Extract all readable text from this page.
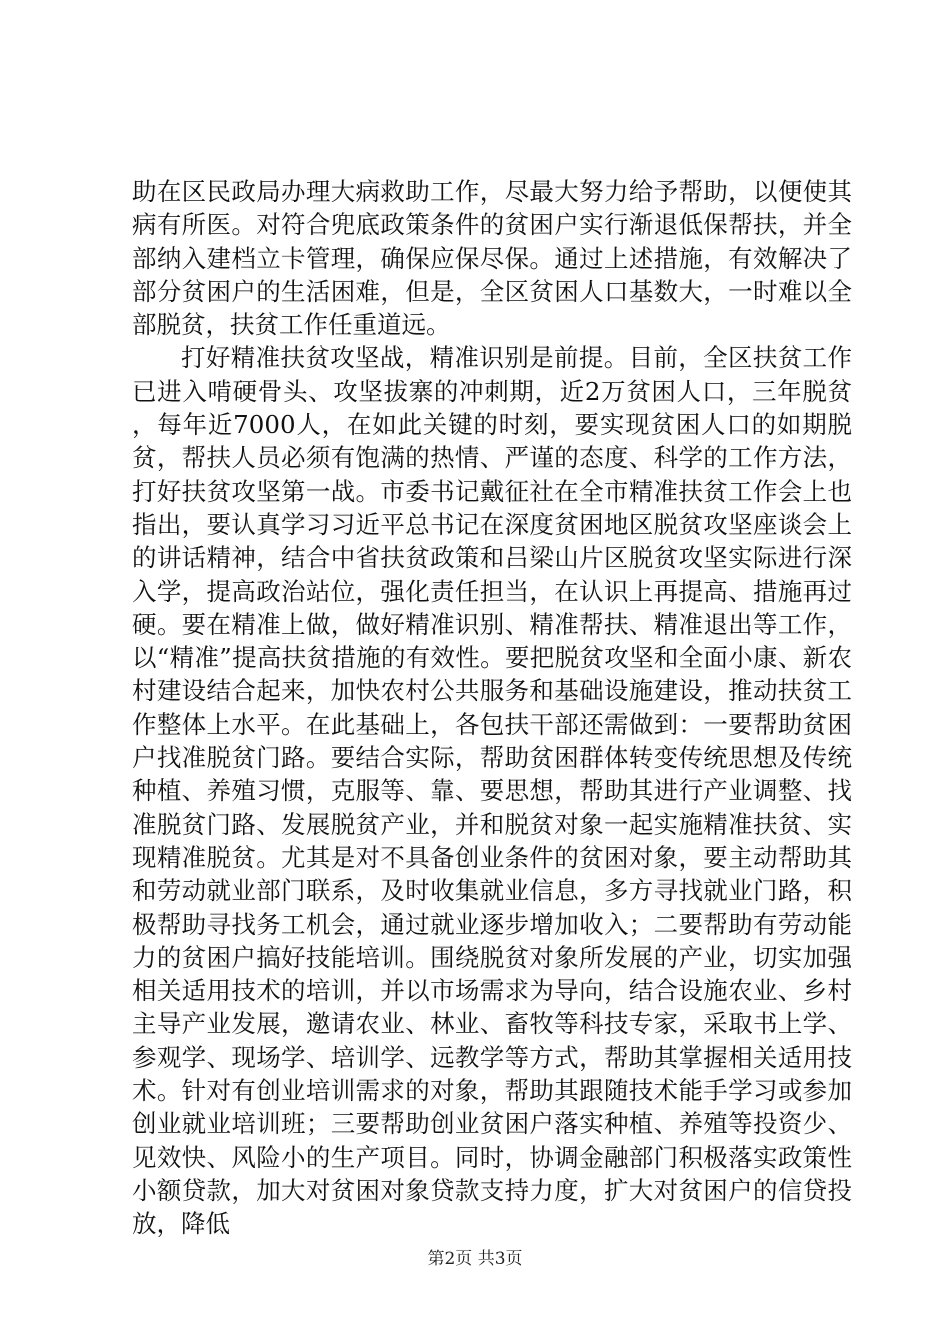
助在区民政局办理大病救助工作，尽最大努力给予帮助，以便使其病有所医。对符合兜底政策条件的贫困户实行渐退低保帮扶，并全部纳入建档立卡管理，确保应保尽保。通过上述措施，有效解决了部分贫困户的生活困难，但是，全区贫困人口基数大，一时难以全部脱贫，扶贫工作任重道远。

打好精准扶贫攻坚战，精准识别是前提。目前，全区扶贫工作已进入啃硬骨头、攻坚拔寨的冲刺期，近2万贫困人口，三年脱贫，每年近7000人，在如此关键的时刻，要实现贫困人口的如期脱贫，帮扶人员必须有饱满的热情、严谨的态度、科学的工作方法，打好扶贫攻坚第一战。市委书记戴征社在全市精准扶贫工作会上也指出，要认真学习习近平总书记在深度贫困地区脱贫攻坚座谈会上的讲话精神，结合中省扶贫政策和吕梁山片区脱贫攻坚实际进行深入学，提高政治站位，强化责任担当，在认识上再提高、措施再过硬。要在精准上做，做好精准识别、精准帮扶、精准退出等工作，以“精准”提高扶贫措施的有效性。要把脱贫攻坚和全面小康、新农村建设结合起来，加快农村公共服务和基础设施建设，推动扶贫工作整体上水平。在此基础上，各包扶干部还需做到：一要帮助贫困户找准脱贫门路。要结合实际，帮助贫困群体转变传统思想及传统种植、养殖习惯，克服等、靠、要思想，帮助其进行产业调整、找准脱贫门路、发展脱贫产业，并和脱贫对象一起实施精准扶贫、实现精准脱贫。尤其是对不具备创业条件的贫困对象，要主动帮助其和劳动就业部门联系，及时收集就业信息，多方寻找就业门路，积极帮助寻找务工机会，通过就业逐步增加收入；二要帮助有劳动能力的贫困户搞好技能培训。围绕脱贫对象所发展的产业，切实加强相关适用技术的培训，并以市场需求为导向，结合设施农业、乡村主导产业发展，邀请农业、林业、畜牧等科技专家，采取书上学、参观学、现场学、培训学、远教学等方式，帮助其掌握相关适用技术。针对有创业培训需求的对象，帮助其跟随技术能手学习或参加创业就业培训班；三要帮助创业贫困户落实种植、养殖等投资少、见效快、风险小的生产项目。同时，协调金融部门积极落实政策性小额贷款，加大对贫困对象贷款支持力度，扩大对贫困户的信贷投放，降低

第2页 共3页
